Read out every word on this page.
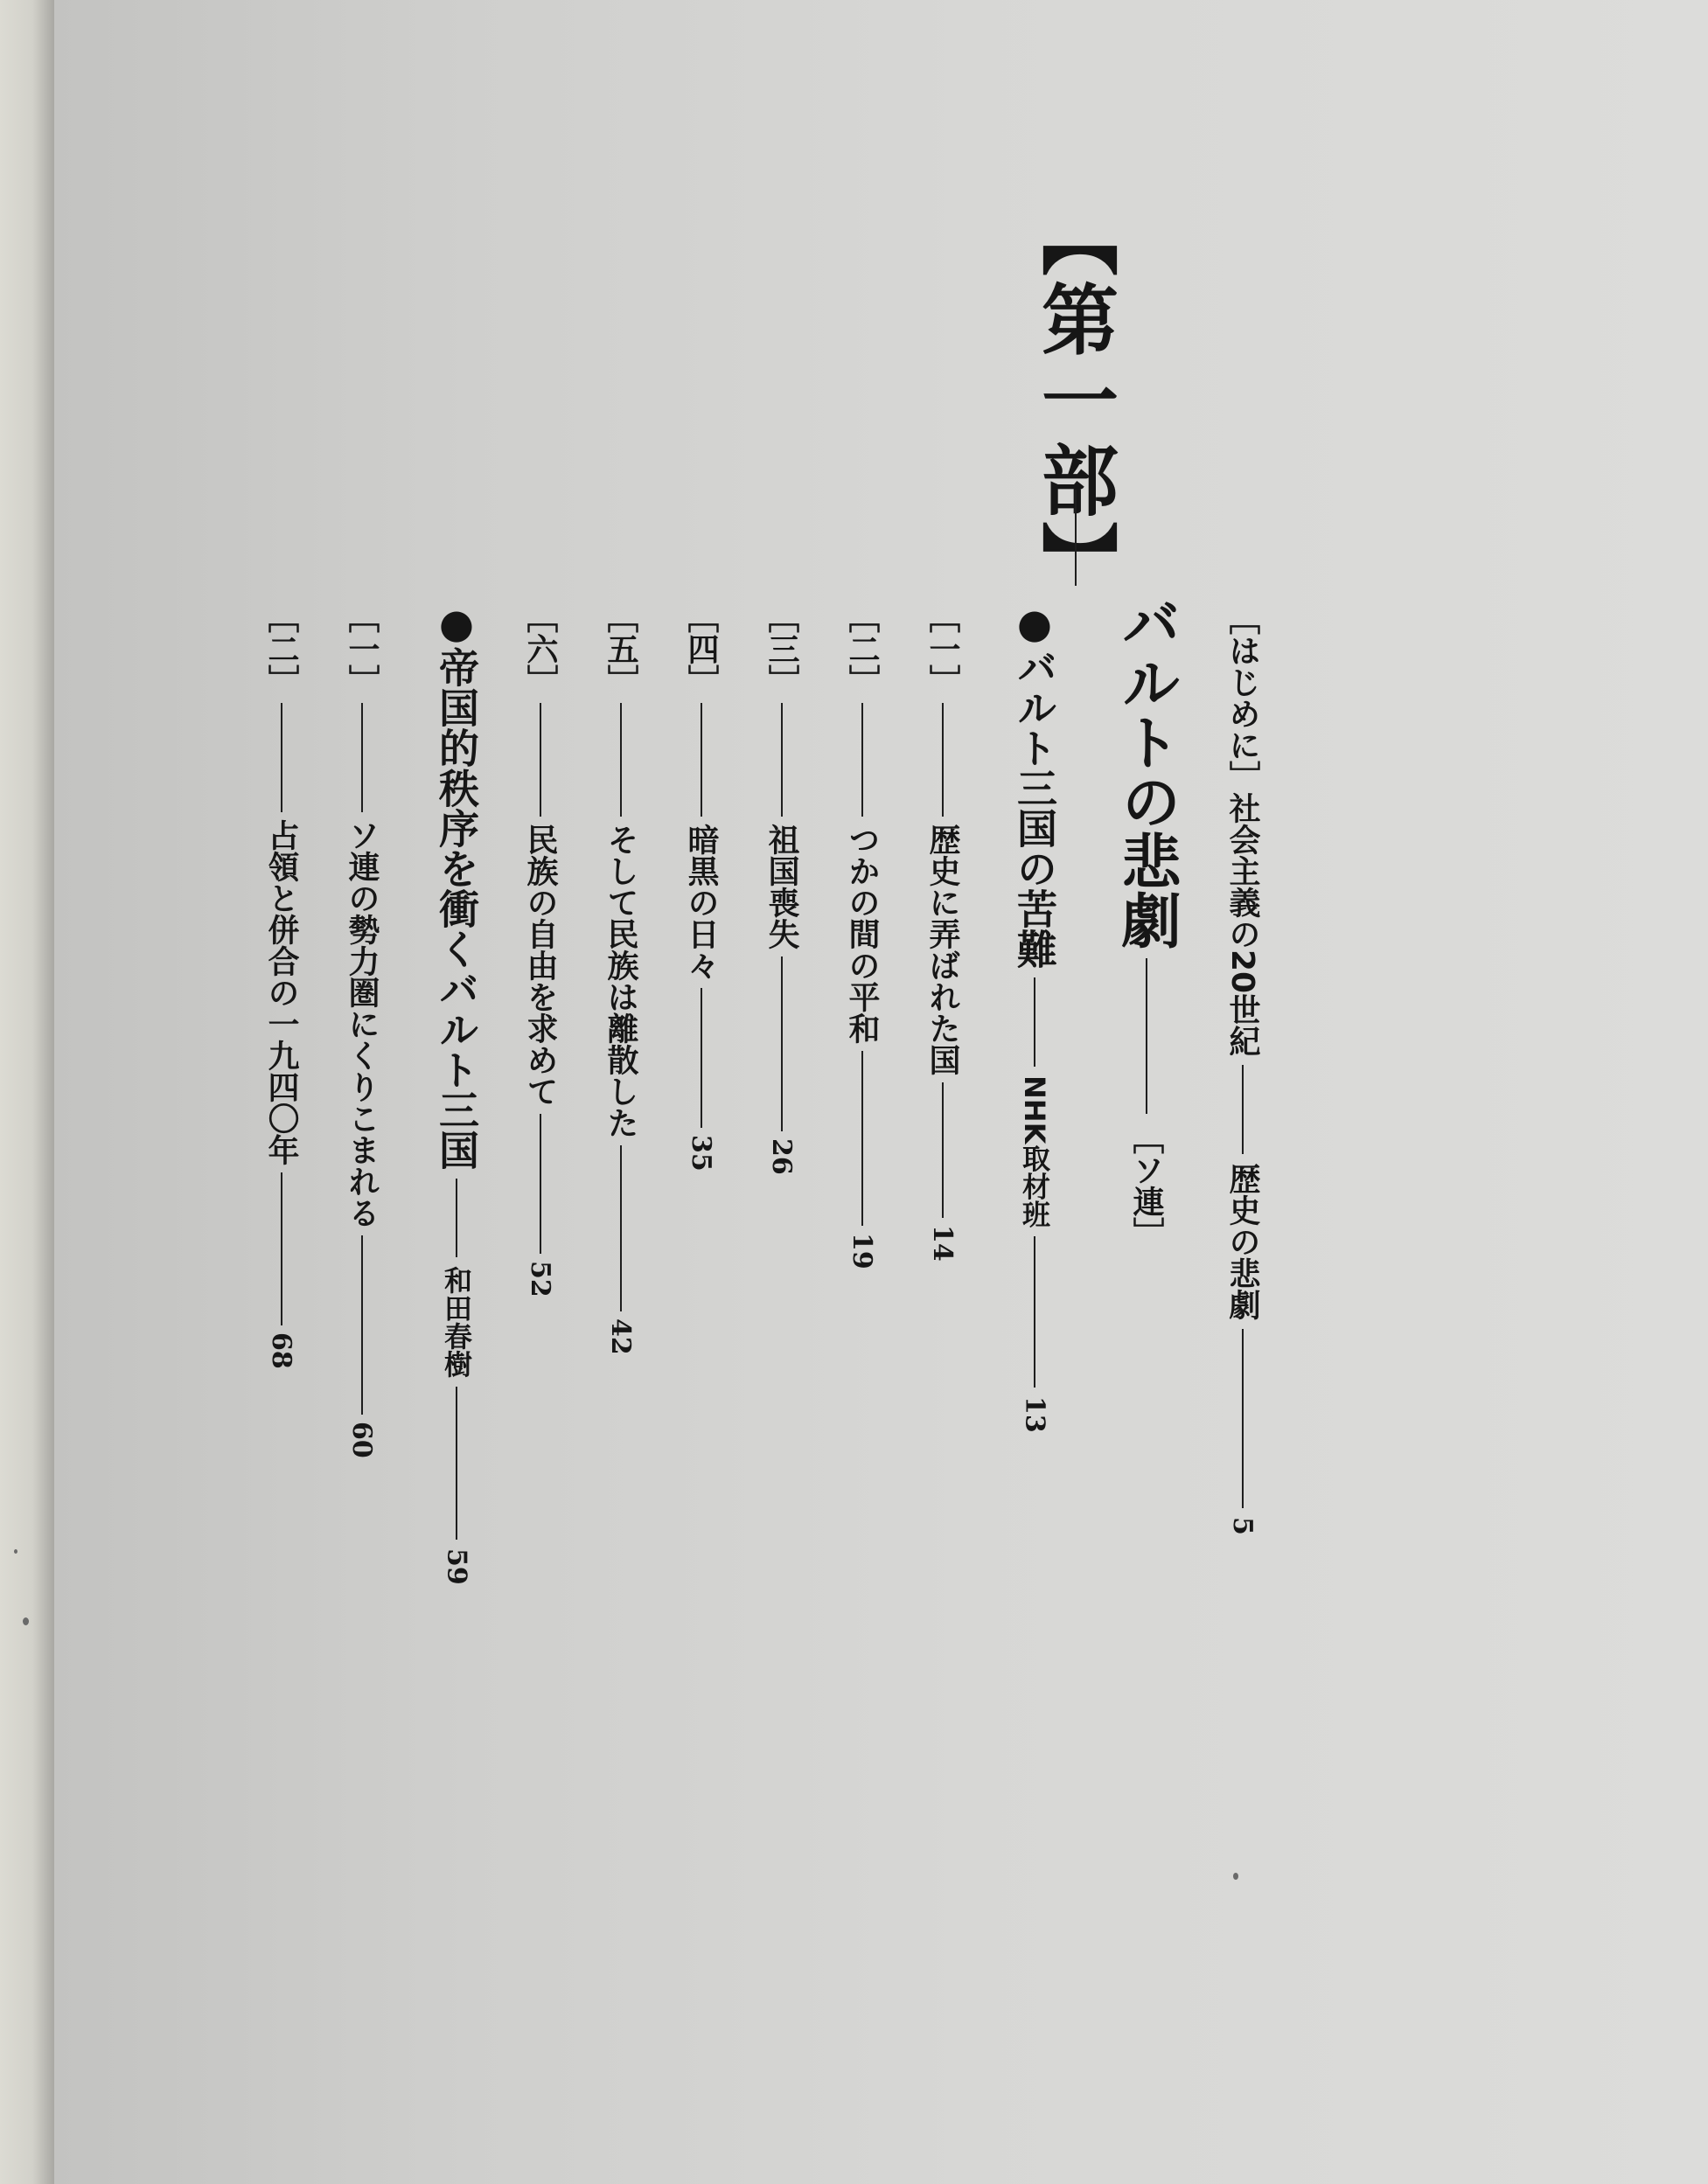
［はじめに］社会主義の20世紀
歴史の悲劇
5
【第一部】
バルトの悲劇
［ソ連］
●バルト三国の苦難
NHK取材班
13
［一］
歴史に弄ばれた国
14
［二］
つかの間の平和
19
［三］
祖国喪失
26
［四］
暗黒の日々
35
［五］
そして民族は離散した
42
［六］
民族の自由を求めて
52
●帝国的秩序を衝くバルト三国
和田春樹
59
［一］
ソ連の勢力圏にくりこまれる
60
［二］
占領と併合の一九四〇年
68
